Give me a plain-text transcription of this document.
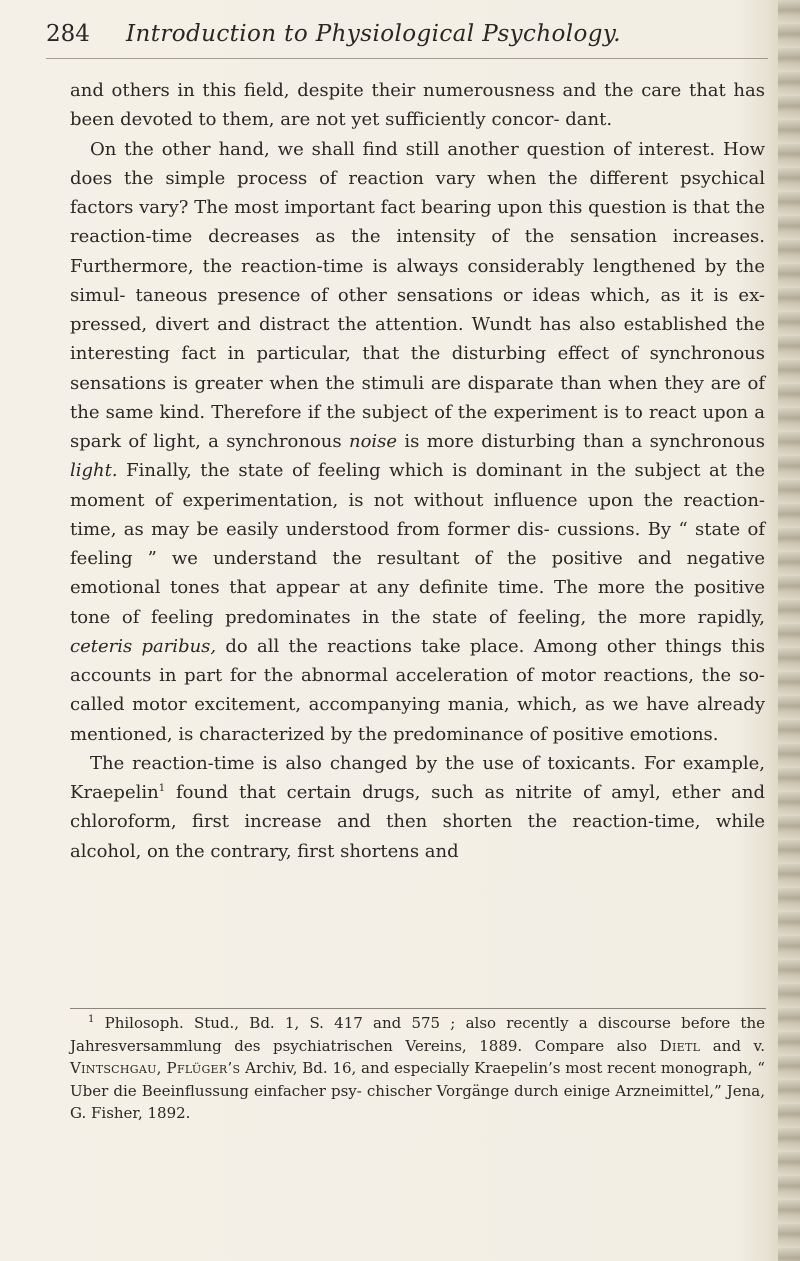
284 Introduction to Physiological Psychology.

and others in this field, despite their numerousness and the care that has been devoted to them, are not yet sufficiently concor- dant.

On the other hand, we shall find still another question of interest. How does the simple process of reaction vary when the different psychical factors vary? The most important fact bearing upon this question is that the reaction-time decreases as the intensity of the sensation increases. Furthermore, the reaction-time is always considerably lengthened by the simul- taneous presence of other sensations or ideas which, as it is ex- pressed, divert and distract the attention. Wundt has also established the interesting fact in particular, that the disturbing effect of synchronous sensations is greater when the stimuli are disparate than when they are of the same kind. Therefore if the subject of the experiment is to react upon a spark of light, a synchronous noise is more disturbing than a synchronous light. Finally, the state of feeling which is dominant in the subject at the moment of experimentation, is not without influence upon the reaction-time, as may be easily understood from former dis- cussions. By “ state of feeling ” we understand the resultant of the positive and negative emotional tones that appear at any definite time. The more the positive tone of feeling predominates in the state of feeling, the more rapidly, ceteris paribus, do all the reactions take place. Among other things this accounts in part for the abnormal acceleration of motor reactions, the so-called motor excitement, accompanying mania, which, as we have already mentioned, is characterized by the predominance of positive emotions.

The reaction-time is also changed by the use of toxicants. For example, Kraepelin$^1$ found that certain drugs, such as nitrite of amyl, ether and chloroform, first increase and then shorten the reaction-time, while alcohol, on the contrary, first shortens and

$^1$ Philosoph. Stud., Bd. 1, S. 417 and 575 ; also recently a discourse before the Jahresversammlung des psychiatrischen Vereins, 1889. Compare also Dietl and v. Vintschgau, Pflüger’s Archiv, Bd. 16, and especially Kraepelin’s most recent monograph, “ Uber die Beeinflussung einfacher psy- chischer Vorgänge durch einige Arzneimittel,” Jena, G. Fisher, 1892.
